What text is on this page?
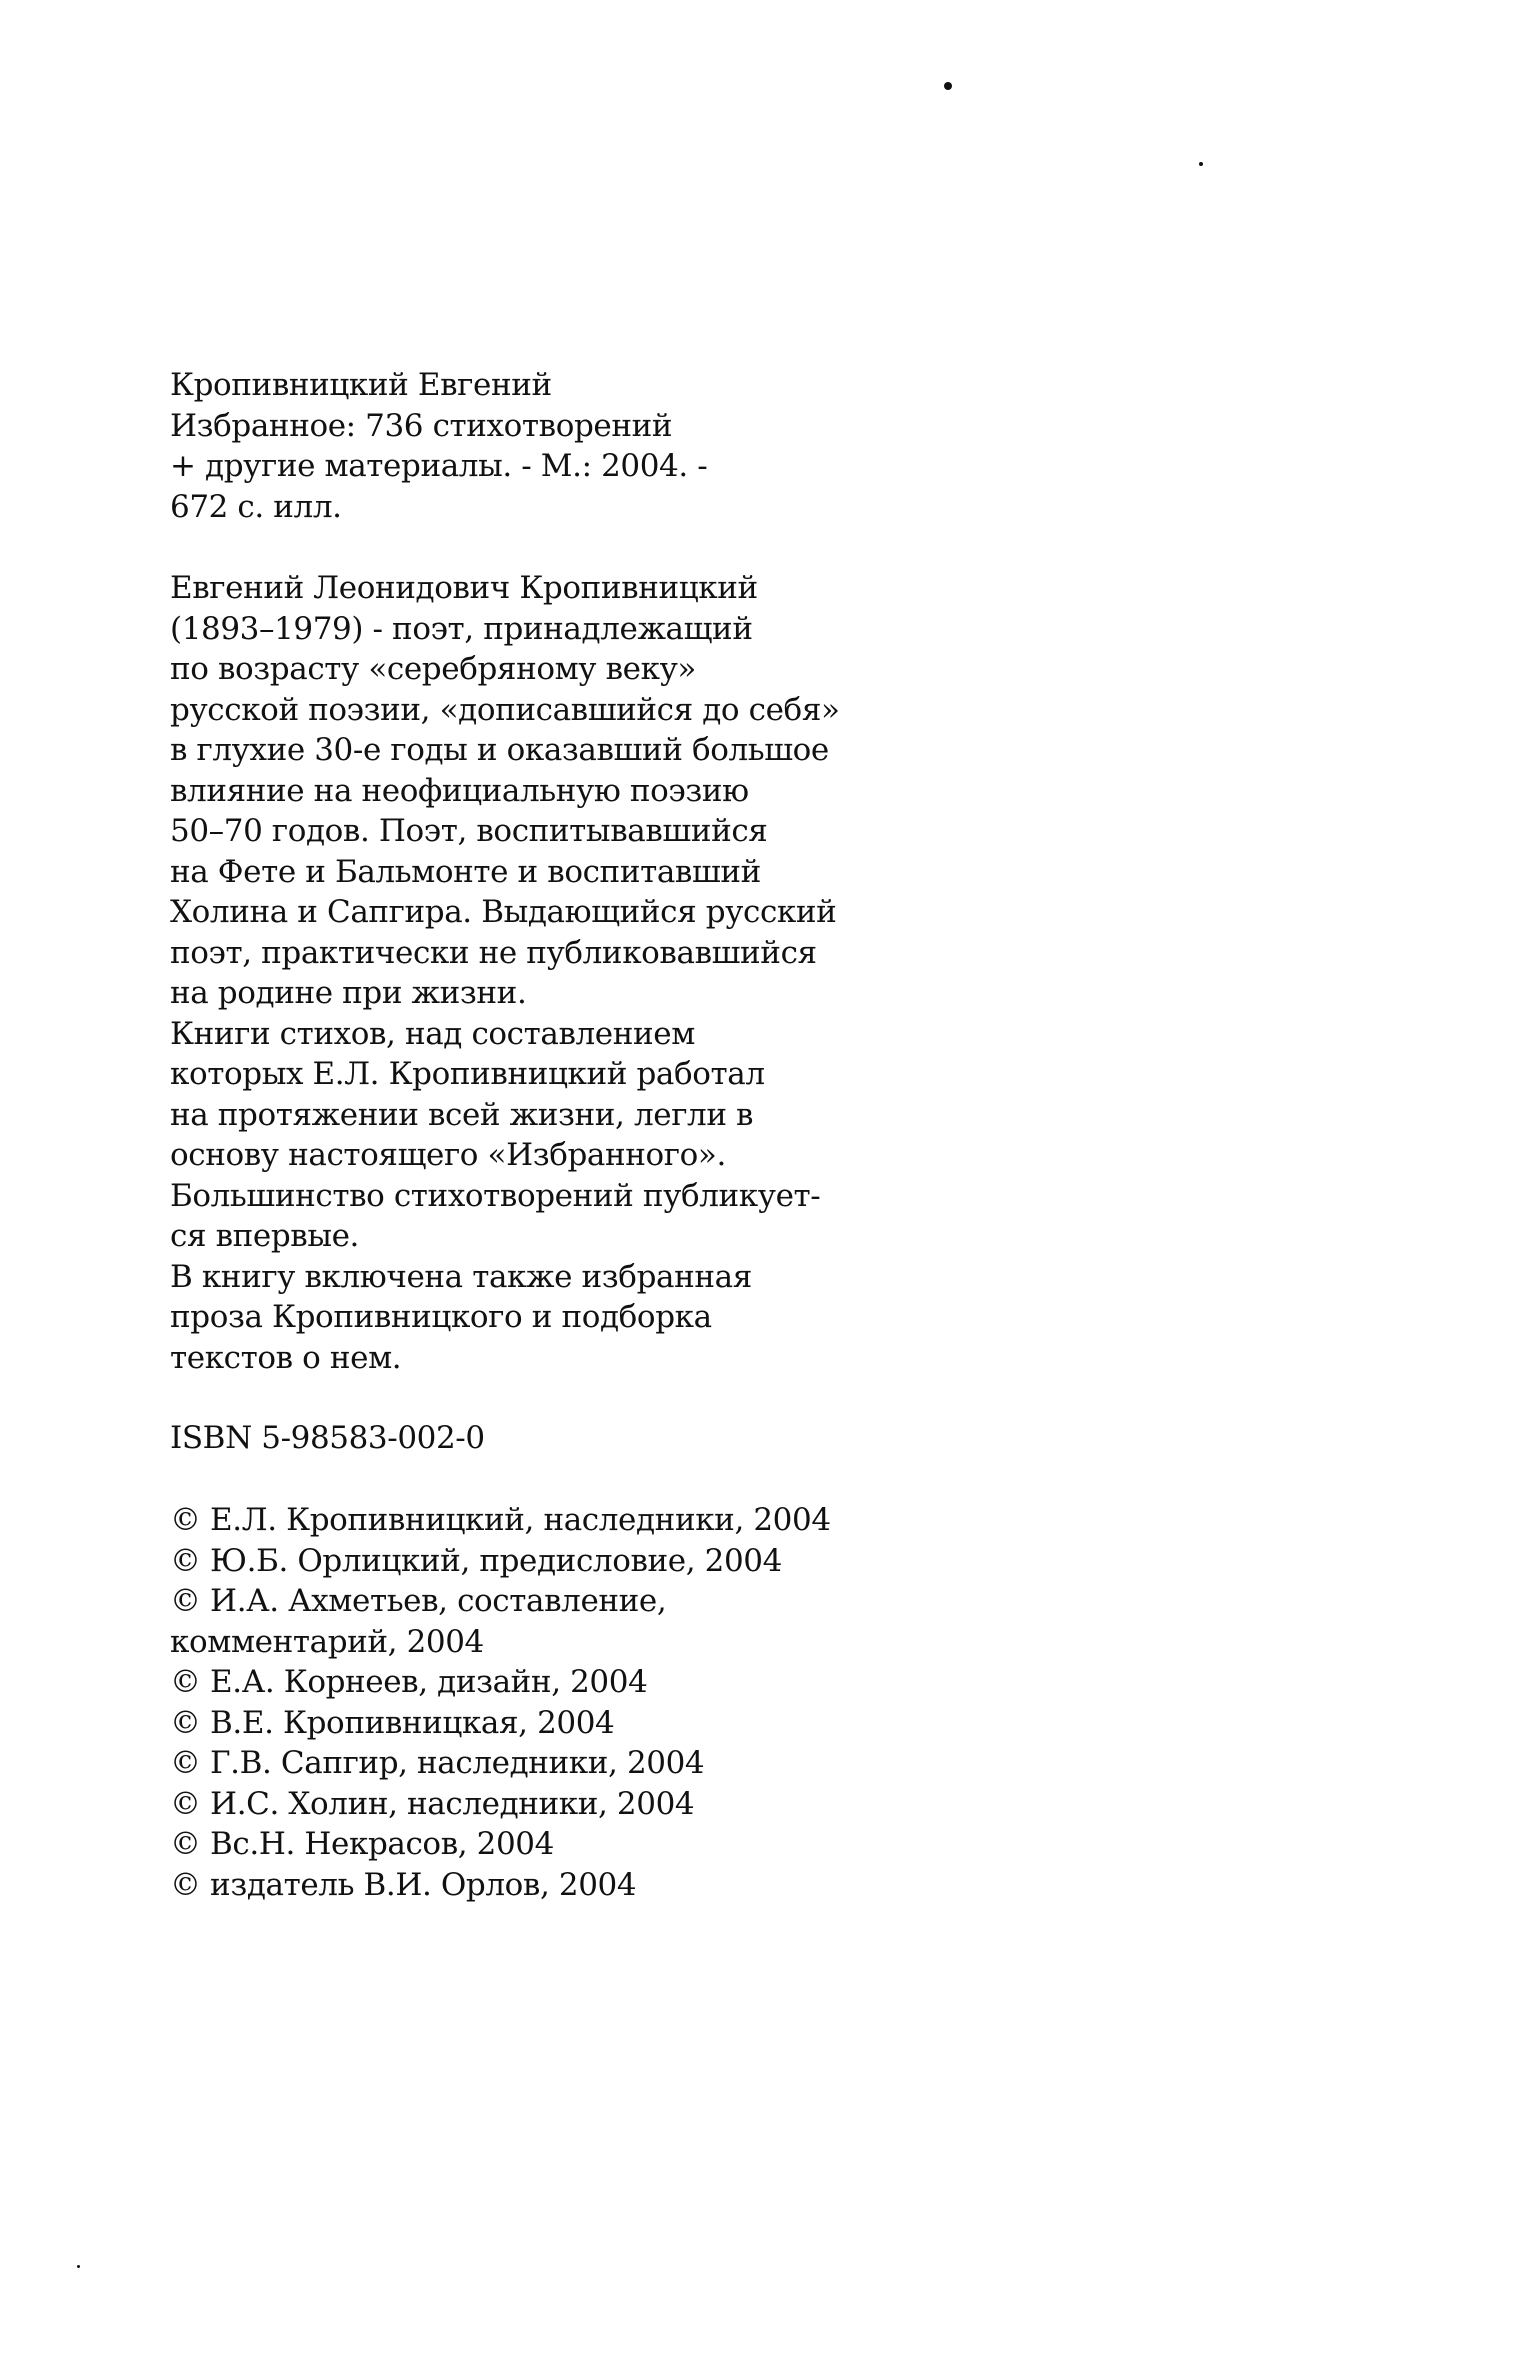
Кропивницкий Евгений
Избранное: 736 стихотворений
+ другие материалы. - М.: 2004. -
672 с. илл.
Евгений Леонидович Кропивницкий
(1893–1979) - поэт, принадлежащий
по возрасту «серебряному веку»
русской поэзии, «дописавшийся до себя»
в глухие 30-е годы и оказавший большое
влияние на неофициальную поэзию
50–70 годов. Поэт, воспитывавшийся
на Фете и Бальмонте и воспитавший
Холина и Сапгира. Выдающийся русский
поэт, практически не публиковавшийся
на родине при жизни.
Книги стихов, над составлением
которых Е.Л. Кропивницкий работал
на протяжении всей жизни, легли в
основу настоящего «Избранного».
Большинство стихотворений публикует-
ся впервые.
В книгу включена также избранная
проза Кропивницкого и подборка
текстов о нем.
ISBN 5-98583-002-0
© Е.Л. Кропивницкий, наследники, 2004
© Ю.Б. Орлицкий, предисловие, 2004
© И.А. Ахметьев, составление,
комментарий, 2004
© Е.А. Корнеев, дизайн, 2004
© В.Е. Кропивницкая, 2004
© Г.В. Сапгир, наследники, 2004
© И.С. Холин, наследники, 2004
© Вс.Н. Некрасов, 2004
© издатель В.И. Орлов, 2004
